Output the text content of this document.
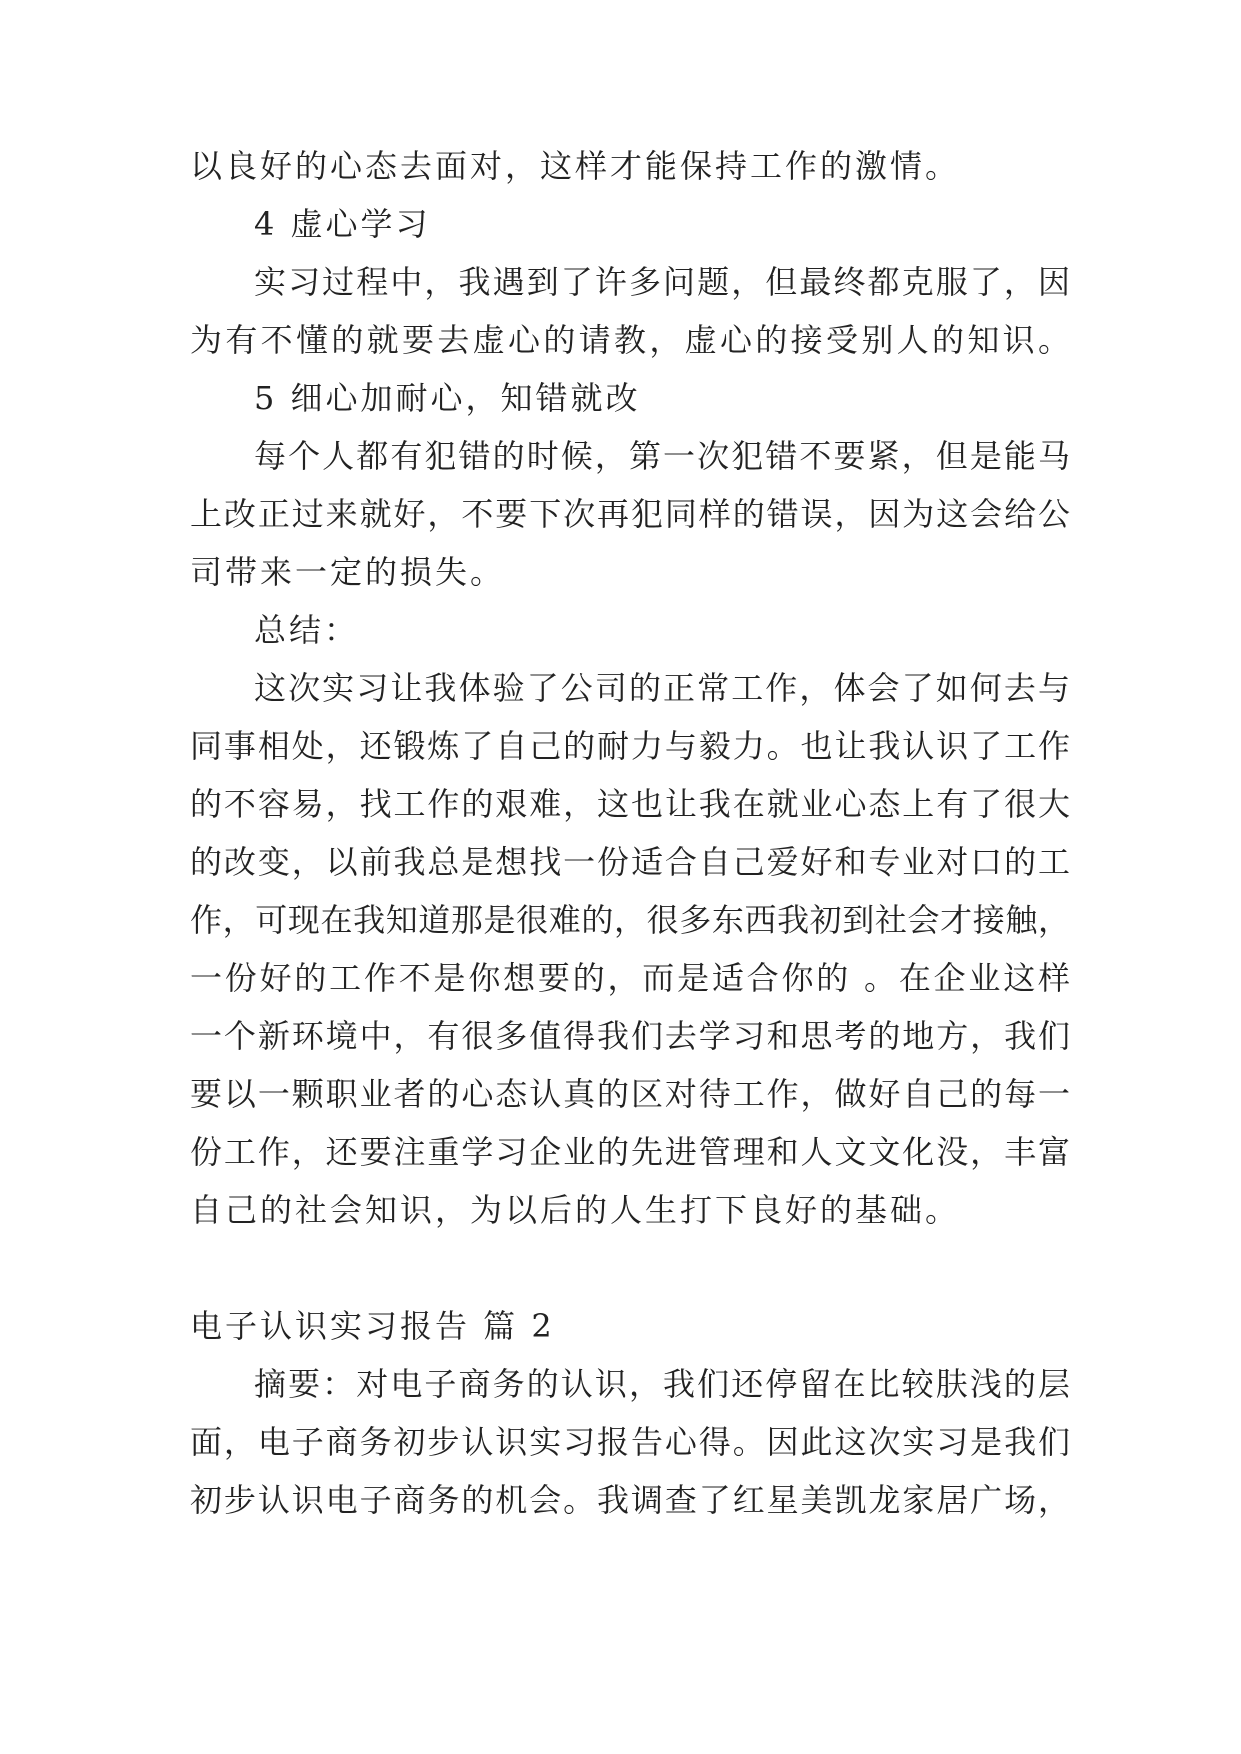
以良好的心态去面对，这样才能保持工作的激情。
4 虚心学习
实习过程中，我遇到了许多问题，但最终都克服了，因
为有不懂的就要去虚心的请教，虚心的接受别人的知识。
5 细心加耐心，知错就改
每个人都有犯错的时候，第一次犯错不要紧，但是能马
上改正过来就好，不要下次再犯同样的错误，因为这会给公
司带来一定的损失。
总结：
这次实习让我体验了公司的正常工作，体会了如何去与
同事相处，还锻炼了自己的耐力与毅力。也让我认识了工作
的不容易，找工作的艰难，这也让我在就业心态上有了很大
的改变，以前我总是想找一份适合自己爱好和专业对口的工
作，可现在我知道那是很难的，很多东西我初到社会才接触，
一份好的工作不是你想要的，而是适合你的 。在企业这样
一个新环境中，有很多值得我们去学习和思考的地方，我们
要以一颗职业者的心态认真的区对待工作，做好自己的每一
份工作，还要注重学习企业的先进管理和人文文化没，丰富
自己的社会知识，为以后的人生打下良好的基础。
电子认识实习报告 篇 2
摘要：对电子商务的认识，我们还停留在比较肤浅的层
面，电子商务初步认识实习报告心得。因此这次实习是我们
初步认识电子商务的机会。我调查了红星美凯龙家居广场，
